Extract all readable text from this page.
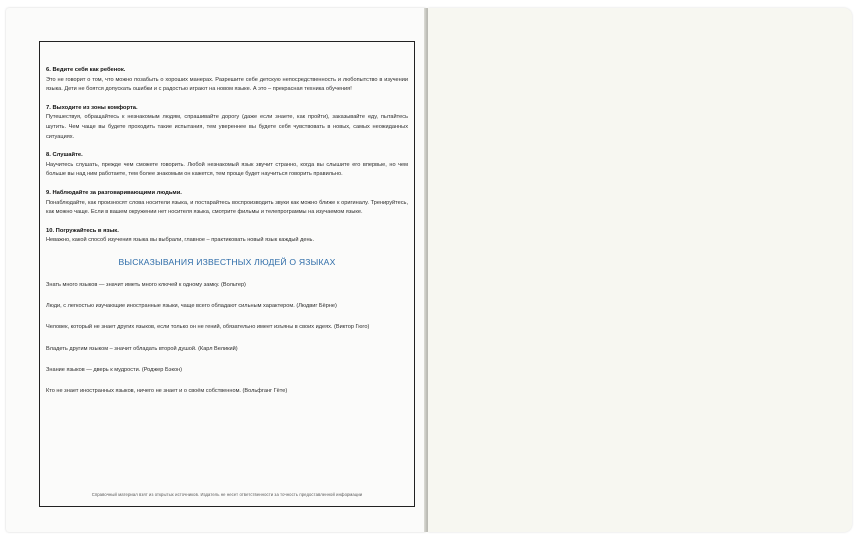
6. Ведите себя как ребенок.
Это не говорит о том, что можно позабыть о хороших манерах. Разрешите себе детскую непосредственность и любопытство в изучении языка. Дети не боятся допускать ошибки и с радостью играют на новом языке. А это – прекрасная техника обучения!
7. Выходите из зоны комфорта.
Путешествуя, обращайтесь к незнакомым людям, спрашивайте дорогу (даже если знаете, как пройти), заказывайте еду, пытайтесь шутить. Чем чаще вы будете проходить такие испытания, тем увереннее вы будете себя чувствовать в новых, самых неожиданных ситуациях.
8. Слушайте.
Научитесь слушать, прежде чем сможете говорить. Любой незнакомый язык звучит странно, когда вы слышите его впервые, но чем больше вы над ним работаете, тем более знакомым он кажется, тем проще будет научиться говорить правильно.
9. Наблюдайте за разговаривающими людьми.
Понаблюдайте, как произносят слова носители языка, и постарайтесь воспроизводить звуки как можно ближе к оригиналу. Тренируйтесь, как можно чаще. Если в вашем окружении нет носителя языка, смотрите фильмы и телепрограммы на изучаемом языке.
10. Погружайтесь в язык.
Неважно, какой способ изучения языка вы выбрали, главное – практиковать новый язык каждый день.
ВЫСКАЗЫВАНИЯ ИЗВЕСТНЫХ ЛЮДЕЙ О ЯЗЫКАХ
Знать много языков — значит иметь много ключей к одному замку. (Вольтер)
Люди, с легкостью изучающие иностранные языки, чаще всего обладают сильным характером. (Людвиг Бёрне)
Человек, который не знает других языков, если только он не гений, обязательно имеет изъяны в своих идеях. (Виктор Гюго)
Владеть другим языком – значит обладать второй душой. (Карл Великий)
Знание языков — дверь к мудрости. (Роджер Бэкон)
Кто не знает иностранных языков, ничего не знает и о своём собственном. (Вольфганг Гёте)
Справочный материал взят из открытых источников. Издатель не несет ответственности за точность предоставленной информации
